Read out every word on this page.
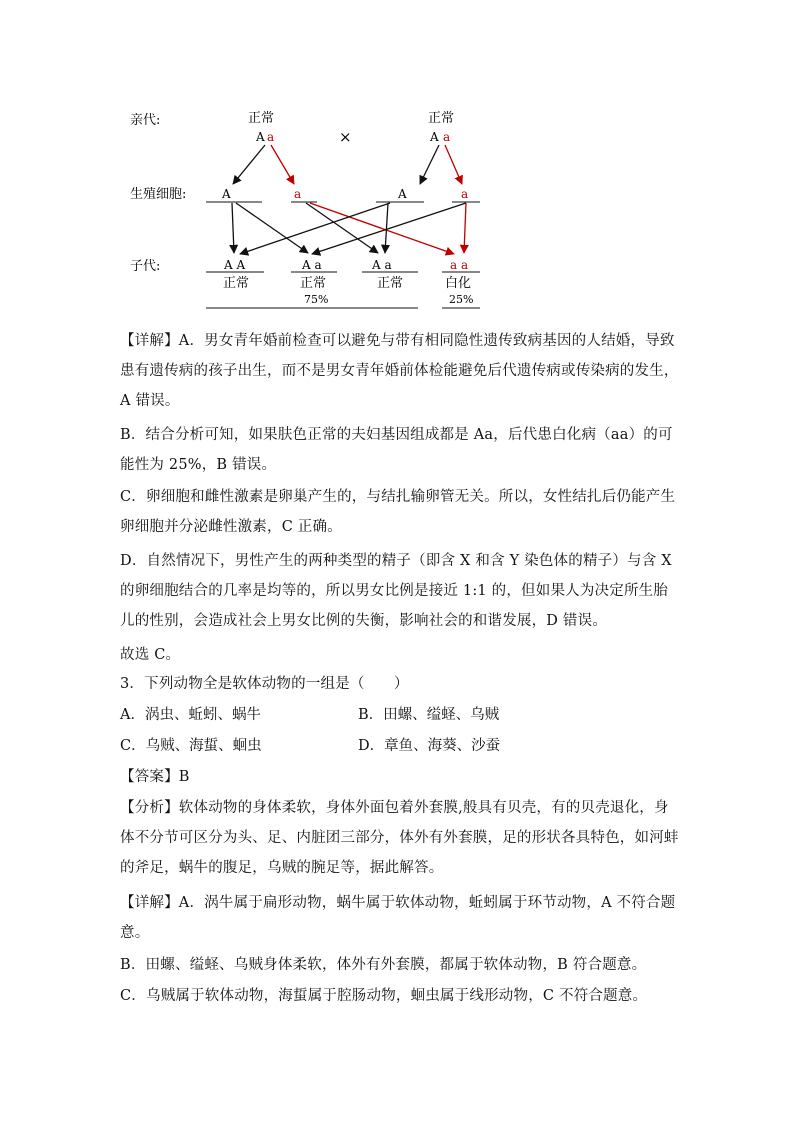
亲代:
生殖细胞:
子代:
正常
A a	×
正常
A a
A	a	A	a
A A
正常
A a
正常
A a
正常
a a
白化
75%	25%

【详解】A．男女青年婚前检查可以避免与带有相同隐性遗传致病基因的人结婚，导致患有遗传病的孩子出生，而不是男女青年婚前体检能避免后代遗传病或传染病的发生，A 错误。

B．结合分析可知，如果肤色正常的夫妇基因组成都是 Aa，后代患白化病（aa）的可能性为 25%，B 错误。

C．卵细胞和雌性激素是卵巢产生的，与结扎输卵管无关。所以，女性结扎后仍能产生卵细胞并分泌雌性激素，C 正确。

D．自然情况下，男性产生的两种类型的精子（即含 X 和含 Y 染色体的精子）与含 X 的卵细胞结合的几率是均等的，所以男女比例是接近 1:1 的，但如果人为决定所生胎儿的性别，会造成社会上男女比例的失衡，影响社会的和谐发展，D 错误。

故选 C。

3．下列动物全是软体动物的一组是（　　）

A．涡虫、蚯蚓、蜗牛	B．田螺、缢蛏、乌贼
C．乌贼、海蜇、蛔虫	D．章鱼、海葵、沙蚕

【答案】B

【分析】软体动物的身体柔软，身体外面包着外套膜,般具有贝壳，有的贝壳退化，身体不分节可区分为头、足、内脏团三部分，体外有外套膜，足的形状各具特色，如河蚌的斧足，蜗牛的腹足，乌贼的腕足等，据此解答。

【详解】A．涡牛属于扁形动物，蜗牛属于软体动物，蚯蚓属于环节动物，A 不符合题意。

B．田螺、缢蛏、乌贼身体柔软，体外有外套膜，都属于软体动物，B 符合题意。

C．乌贼属于软体动物，海蜇属于腔肠动物，蛔虫属于线形动物，C 不符合题意。
